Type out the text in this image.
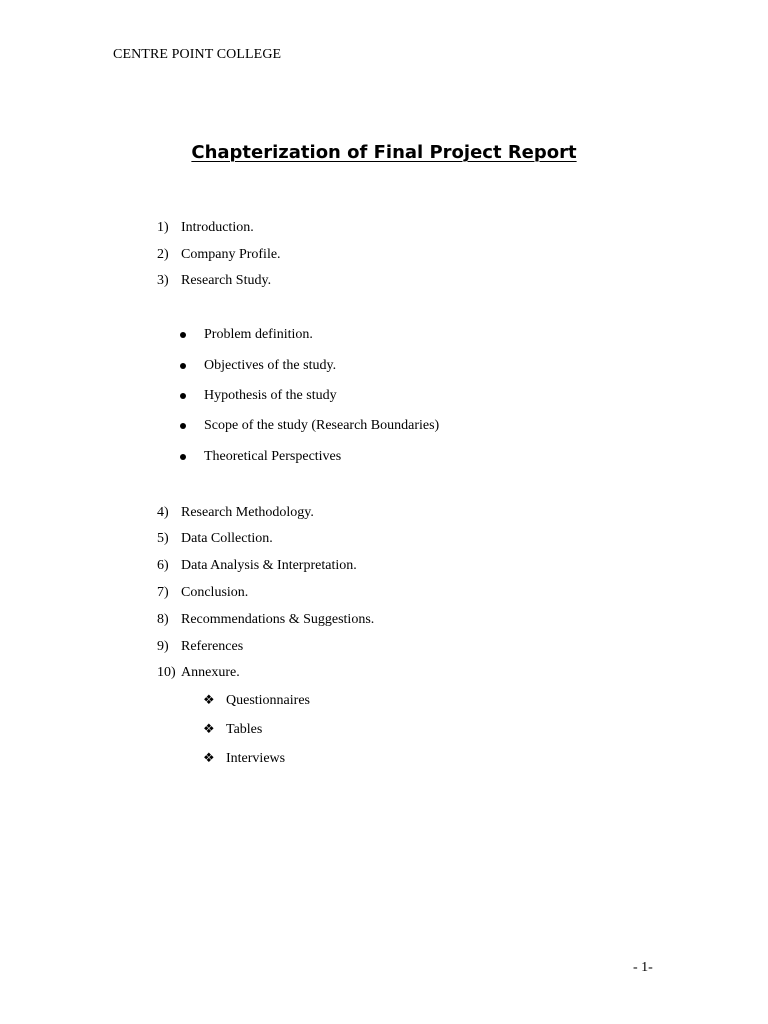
CENTRE POINT COLLEGE
Chapterization of Final Project Report
1) Introduction.
2) Company Profile.
3) Research Study.
Problem definition.
Objectives of the study.
Hypothesis of the study
Scope of the study (Research Boundaries)
Theoretical Perspectives
4) Research Methodology.
5) Data Collection.
6) Data Analysis & Interpretation.
7) Conclusion.
8) Recommendations & Suggestions.
9) References
10) Annexure.
❖ Questionnaires
❖ Tables
❖ Interviews
- 1-
